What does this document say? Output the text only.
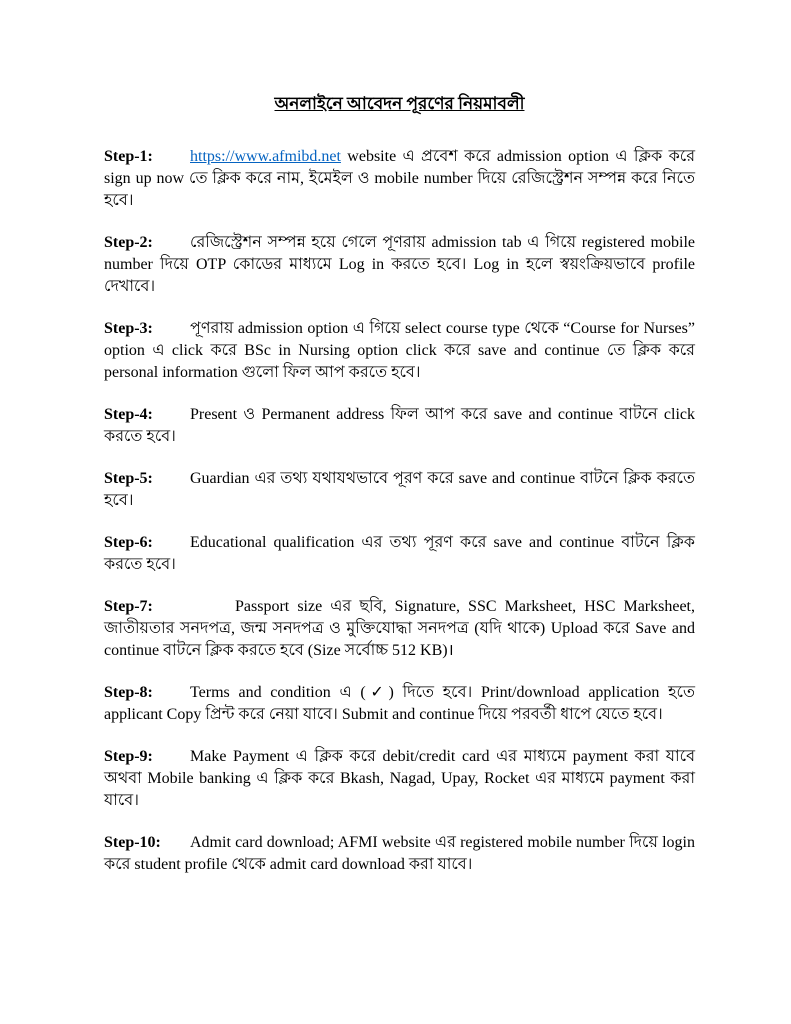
অনলাইনে আবেদন পূরণের নিয়মাবলী

Step-1: https://www.afmibd.net website এ প্রবেশ করে admission option এ ক্লিক করে sign up now তে ক্লিক করে নাম, ইমেইল ও mobile number দিয়ে রেজিস্ট্রেশন সম্পন্ন করে নিতে হবে।

Step-2: রেজিস্ট্রেশন সম্পন্ন হয়ে গেলে পূণরায় admission tab এ গিয়ে registered mobile number দিয়ে OTP কোডের মাধ্যমে Log in করতে হবে। Log in হলে স্বয়ংক্রিয়ভাবে profile দেখাবে।

Step-3: পূণরায় admission option এ গিয়ে select course type থেকে “Course for Nurses” option এ click করে BSc in Nursing option click করে save and continue তে ক্লিক করে personal information গুলো ফিল আপ করতে হবে।

Step-4: Present ও Permanent address ফিল আপ করে save and continue বাটনে click করতে হবে।

Step-5: Guardian এর তথ্য যথাযথভাবে পূরণ করে save and continue বাটনে ক্লিক করতে হবে।

Step-6: Educational qualification এর তথ্য পূরণ করে save and continue বাটনে ক্লিক করতে হবে।

Step-7:	Passport size এর ছবি, Signature, SSC Marksheet, HSC Marksheet, জাতীয়তার সনদপত্র, জন্ম সনদপত্র ও মুক্তিযোদ্ধা সনদপত্র (যদি থাকে) Upload করে Save and continue বাটনে ক্লিক করতে হবে (Size সর্বোচ্চ 512 KB)।

Step-8: Terms and condition এ (✓) দিতে হবে। Print/download application হতে applicant Copy প্রিন্ট করে নেয়া যাবে। Submit and continue দিয়ে পরবর্তী ধাপে যেতে হবে।

Step-9: Make Payment এ ক্লিক করে debit/credit card এর মাধ্যমে payment করা যাবে অথবা Mobile banking এ ক্লিক করে Bkash, Nagad, Upay, Rocket এর মাধ্যমে payment করা যাবে।

Step-10: Admit card download; AFMI website এর registered mobile number দিয়ে login করে student profile থেকে admit card download করা যাবে।
